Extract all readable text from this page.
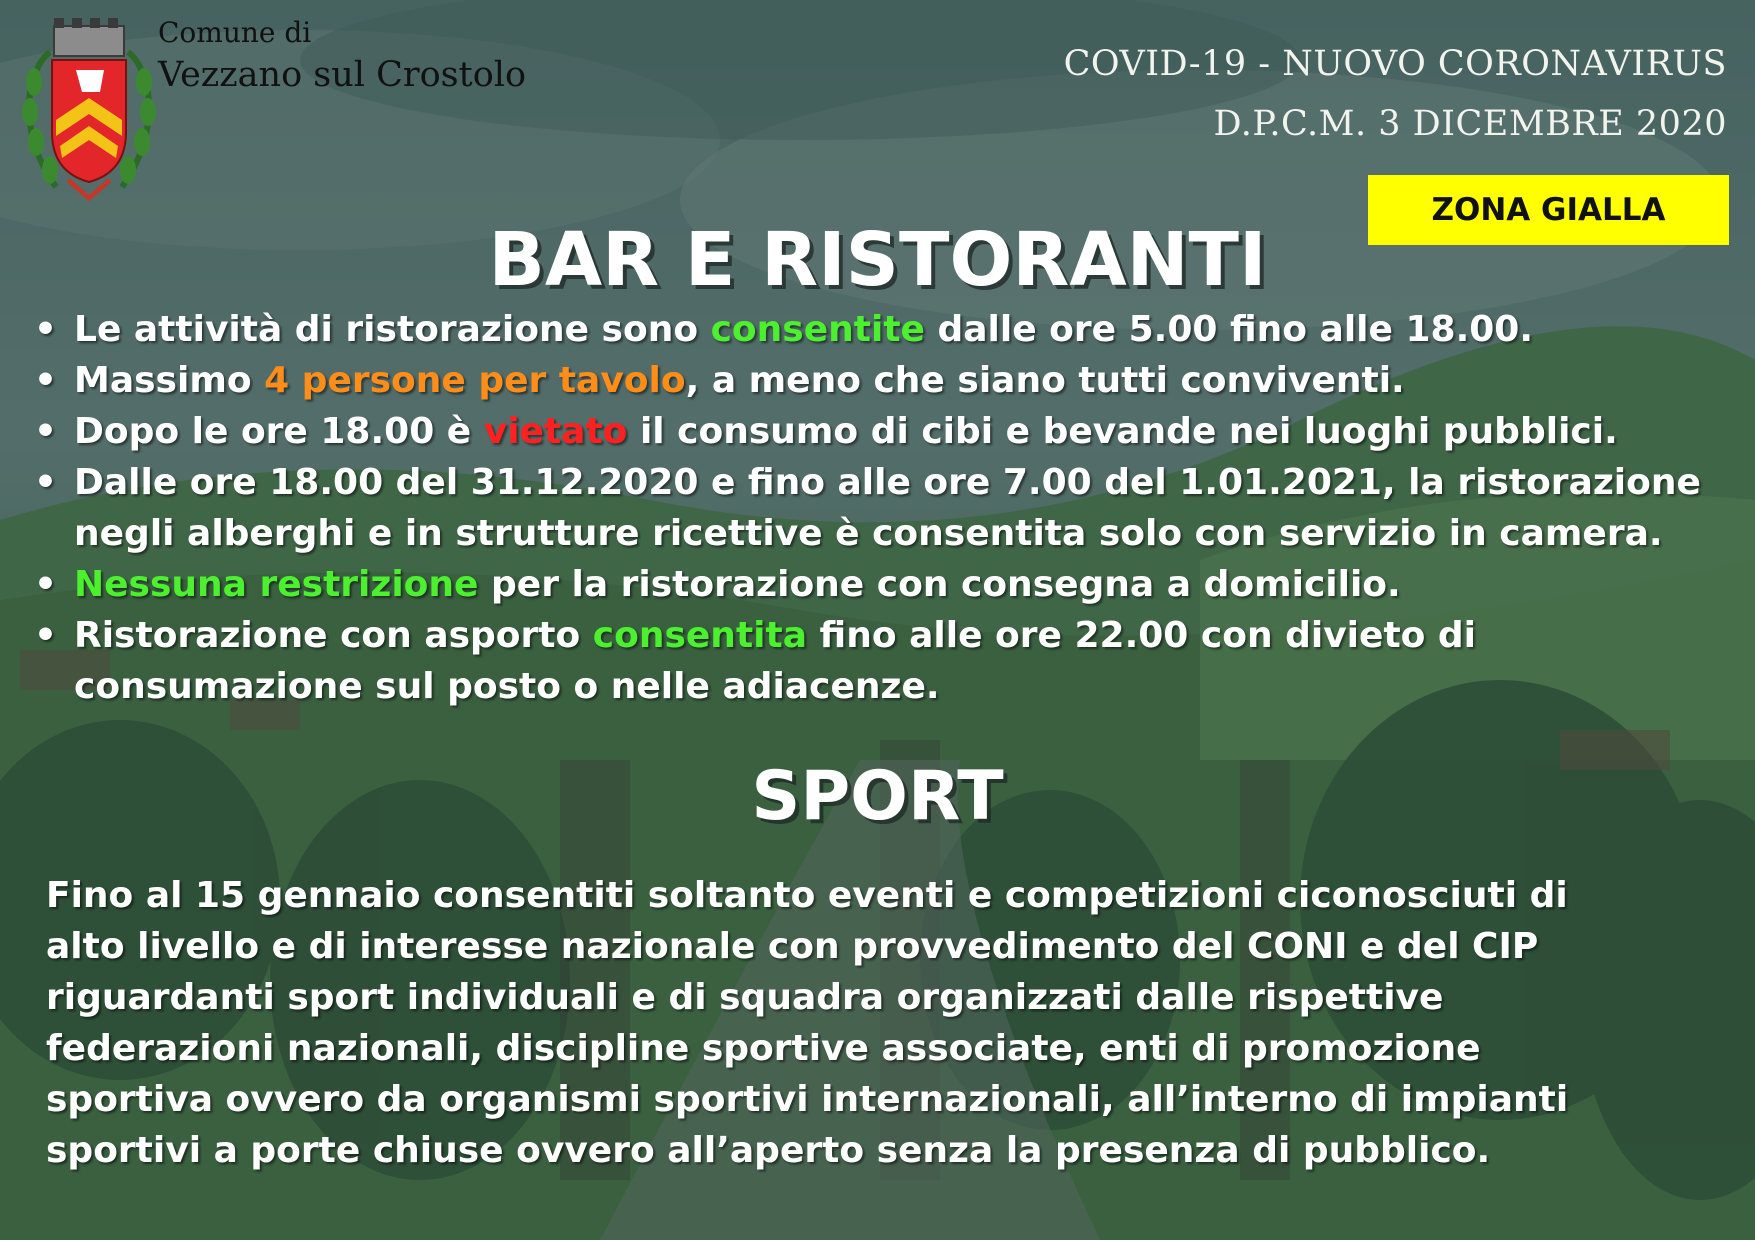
Comune di
Vezzano sul Crostolo	COVID-19 - NUOVO CORONAVIRUS
D.P.C.M. 3 DICEMBRE 2020
ZONA GIALLA
BAR E RISTORANTI
• Le attività di ristorazione sono consentite dalle ore 5.00 fino alle 18.00.
• Massimo 4 persone per tavolo, a meno che siano tutti conviventi.
• Dopo le ore 18.00 è vietato il consumo di cibi e bevande nei luoghi pubblici.
• Dalle ore 18.00 del 31.12.2020 e fino alle ore 7.00 del 1.01.2021, la ristorazione
negli alberghi e in strutture ricettive è consentita solo con servizio in camera.
• Nessuna restrizione per la ristorazione con consegna a domicilio.
• Ristorazione con asporto consentita fino alle ore 22.00 con divieto di
consumazione sul posto o nelle adiacenze.
SPORT

Fino al 15 gennaio consentiti soltanto eventi e competizioni ciconosciuti di
alto livello e di interesse nazionale con provvedimento del CONI e del CIP
riguardanti sport individuali e di squadra organizzati dalle rispettive
federazioni nazionali, discipline sportive associate, enti di promozione
sportiva ovvero da organismi sportivi internazionali, all’interno di impianti
sportivi a porte chiuse ovvero all’aperto senza la presenza di pubblico.
